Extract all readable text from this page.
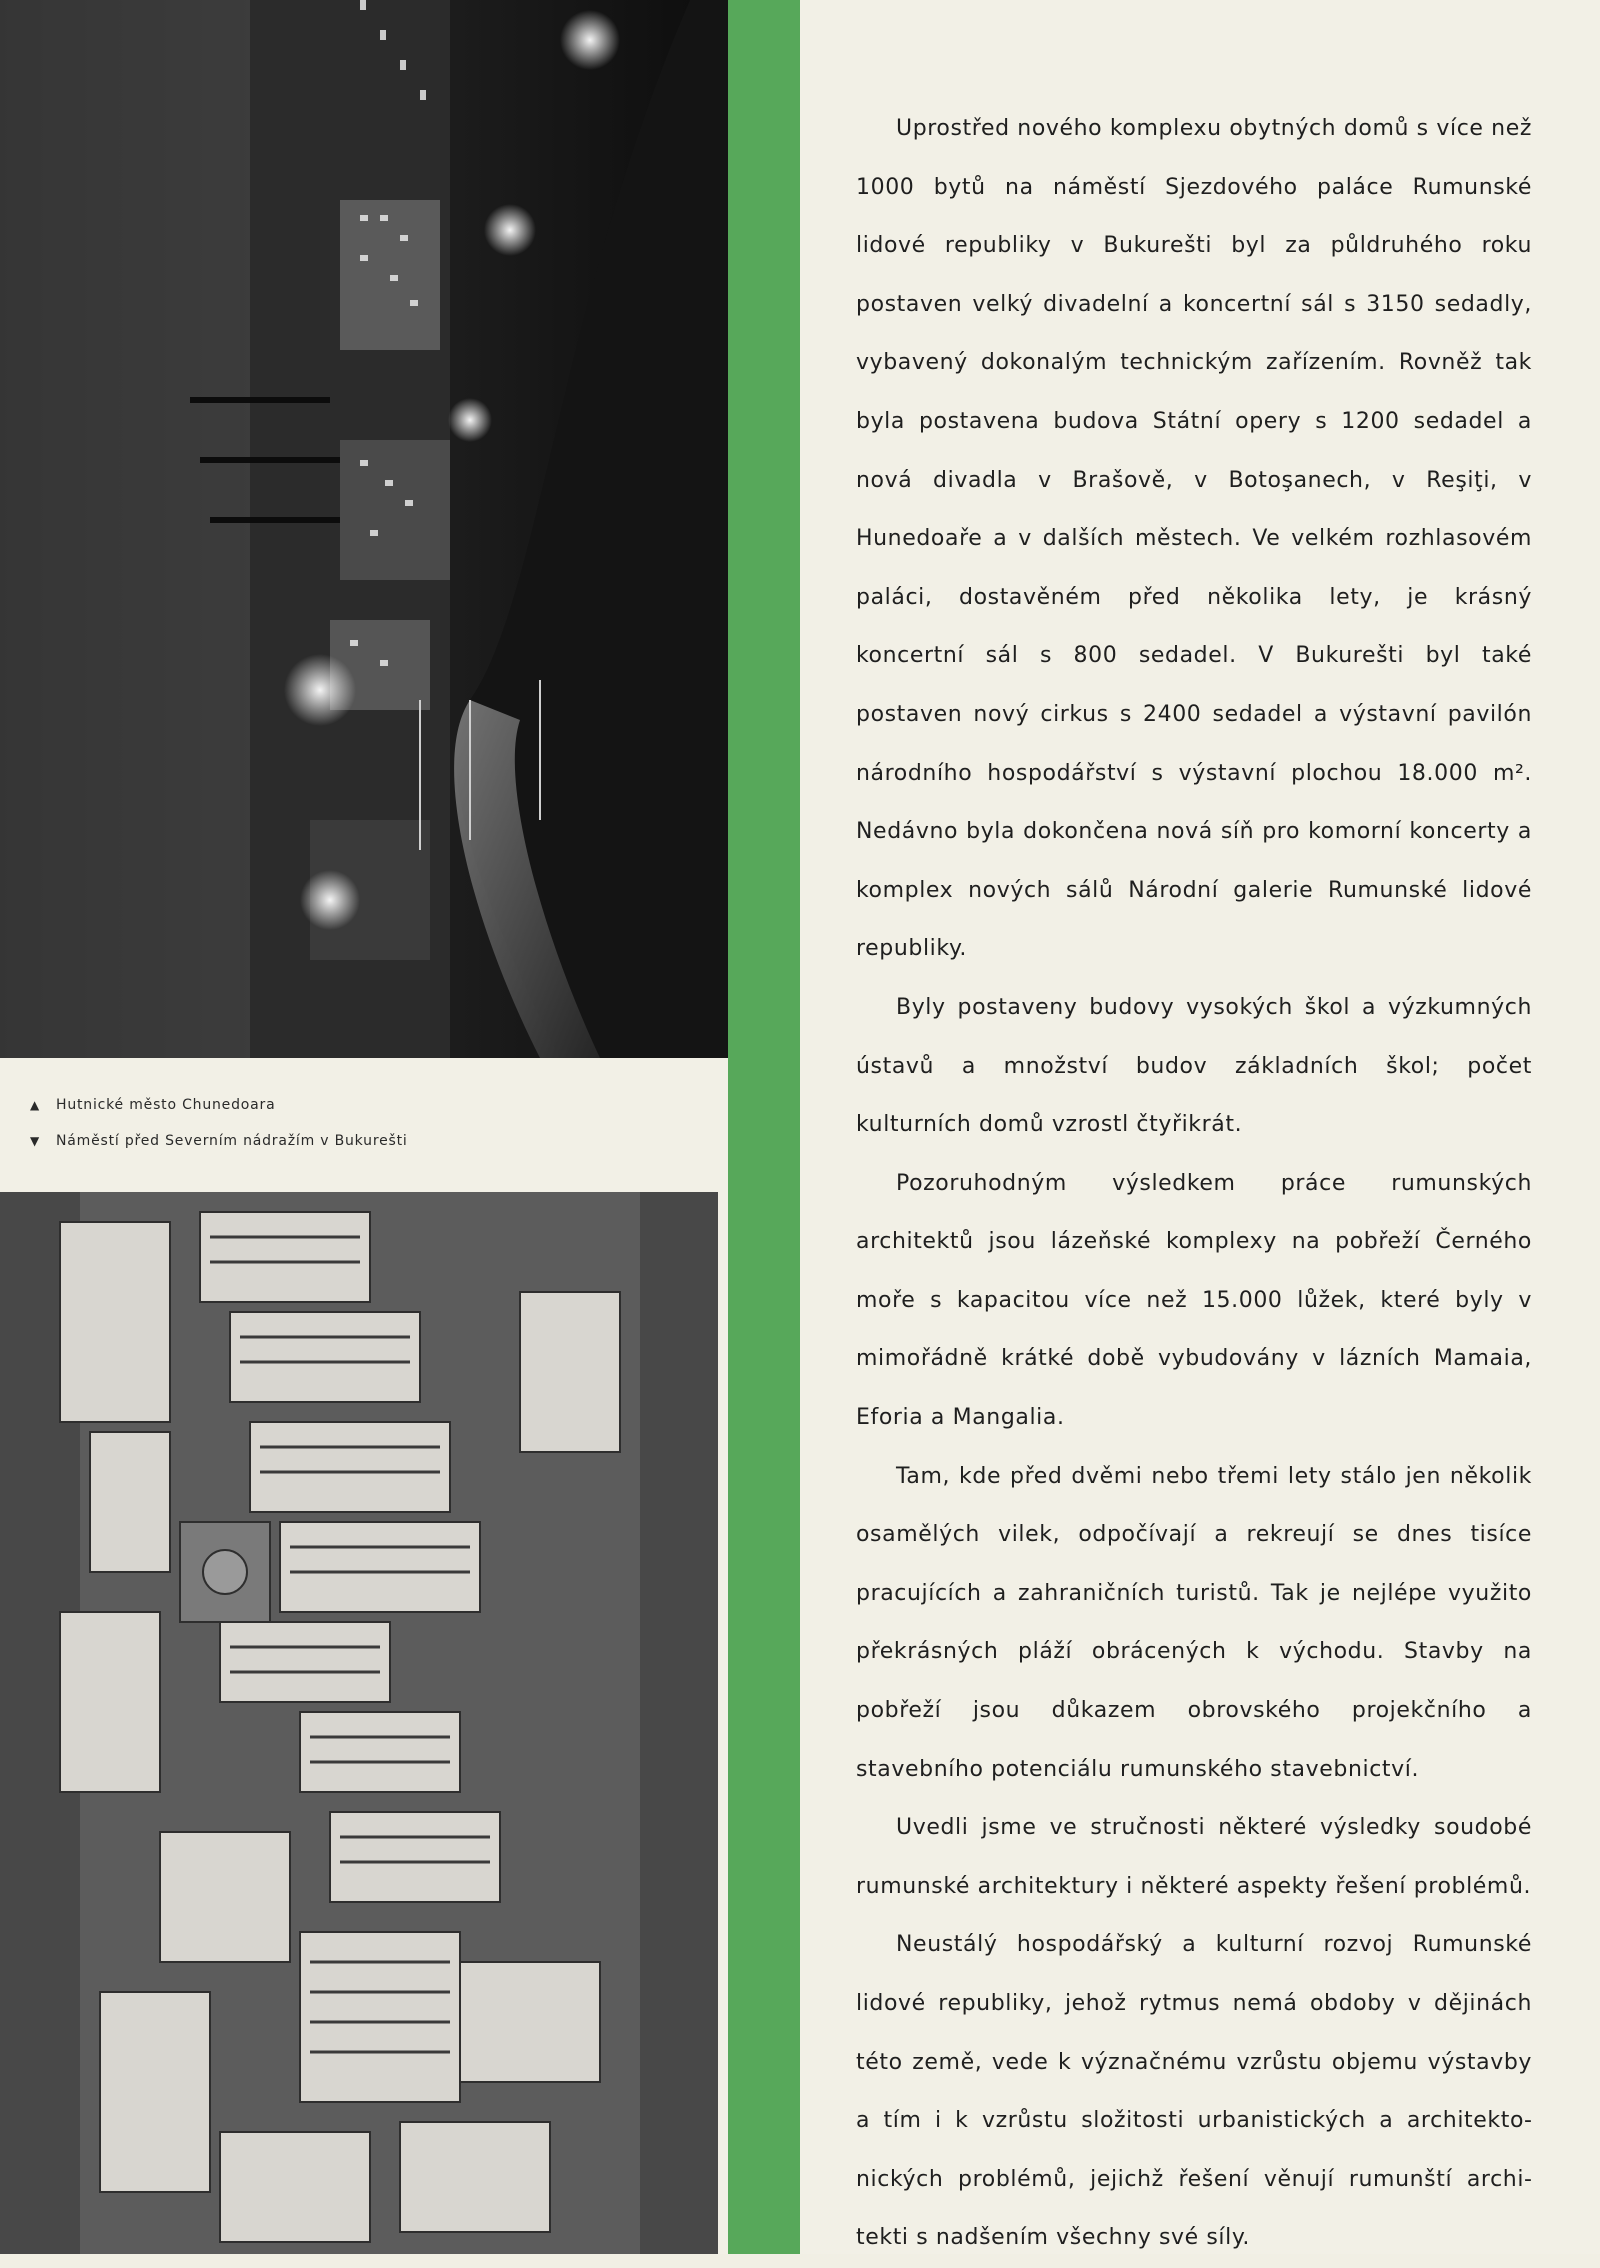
▲	Hutnické město Chunedoara
▼	Náměstí před Severním nádražím v Bukurešti

Uprostřed nového komplexu obytných domů s více než 1000 bytů na náměstí Sjezdového paláce Rumunské lidové republiky v Bukurešti byl za půldruhého roku postaven velký divadelní a koncertní sál s 3150 sedadly, vybavený dokonalým technickým zařízením. Rovněž tak byla postavena budova Státní opery s 1200 sedadel a nová divadla v Brašově, v Botoşanech, v Reşiţi, v Hunedoaře a v dalších městech. Ve velkém rozhlasovém paláci, dostavěném před několika lety, je krásný koncertní sál s 800 sedadel. V Bukurešti byl také postaven nový cirkus s 2400 sedadel a výstavní pavilón národního hospodářství s výstavní plochou 18.000 m². Nedávno byla dokončena nová síň pro komorní koncerty a komplex nových sálů Národní galerie Rumunské lidové republiky.

Byly postaveny budovy vysokých škol a výzkumných ústavů a množství budov základních škol; počet kulturních domů vzrostl čtyřikrát.

Pozoruhodným výsledkem práce rumunských architektů jsou lázeňské komplexy na pobřeží Černého moře s kapacitou více než 15.000 lůžek, které byly v mimořádně krátké době vybudovány v lázních Mamaia, Eforia a Mangalia.

Tam, kde před dvěmi nebo třemi lety stálo jen několik osamělých vilek, odpočívají a rekreují se dnes tisíce pracujících a zahraničních turistů. Tak je nejlépe využito překrásných pláží obrácených k východu. Stavby na pobřeží jsou důkazem obrovského projekčního a stavebního potenciálu rumunského stavebnictví.

Uvedli jsme ve stručnosti některé výsledky soudobé rumunské architektury i některé aspekty řešení problémů.

Neustálý hospodářský a kulturní rozvoj Rumunské lidové republiky, jehož rytmus nemá obdoby v dějinách této země, vede k význačnému vzrůstu objemu výstavby a tím i k vzrůstu složitosti urbanistických a architektonických problémů, jejichž řešení věnují rumunští architekti s nadšením všechny své síly.
